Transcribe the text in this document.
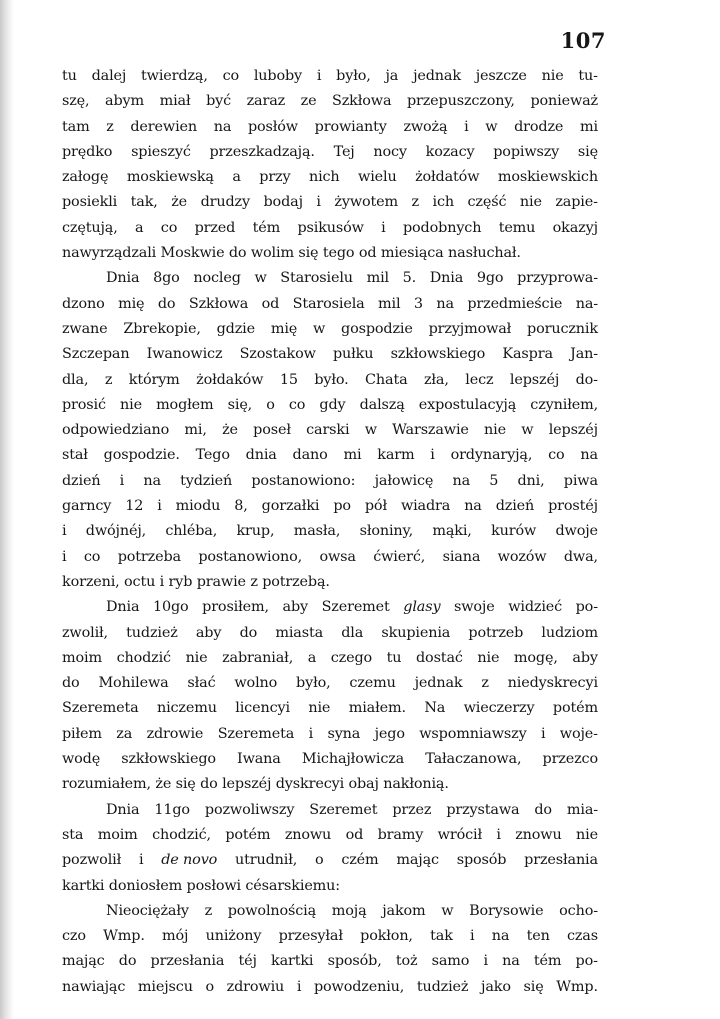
107
tu dalej twierdzą, co luboby i było, ja jednak jeszcze nie tu-
szę, abym miał być zaraz ze Szkłowa przepuszczony, ponieważ
tam z derewien na posłów prowianty zwożą i w drodze mi
prędko spieszyć przeszkadzają. Tej nocy kozacy popiwszy się
załogę moskiewską a przy nich wielu żołdatów moskiewskich
posiekli tak, że drudzy bodaj i żywotem z ich część nie zapie-
czętują, a co przed tém psikusów i podobnych temu okazyj
nawyrządzali Moskwie do wolim się tego od miesiąca nasłuchał.
Dnia 8go nocleg w Starosielu mil 5. Dnia 9go przyprowa-
dzono mię do Szkłowa od Starosiela mil 3 na przedmieście na-
zwane Zbrekopie, gdzie mię w gospodzie przyjmował porucznik
Szczepan Iwanowicz Szostakow pułku szkłowskiego Kaspra Jan-
dla, z którym żołdaków 15 było. Chata zła, lecz lepszéj do-
prosić nie mogłem się, o co gdy dalszą expostulacyją czyniłem,
odpowiedziano mi, że poseł carski w Warszawie nie w lepszéj
stał gospodzie. Tego dnia dano mi karm i ordynaryją, co na
dzień i na tydzień postanowiono: jałowicę na 5 dni, piwa
garncy 12 i miodu 8, gorzałki po pół wiadra na dzień prostéj
i dwójnéj, chléba, krup, masła, słoniny, mąki, kurów dwoje
i co potrzeba postanowiono, owsa ćwierć, siana wozów dwa,
korzeni, octu i ryb prawie z potrzebą.
Dnia 10go prosiłem, aby Szeremet glasy swoje widzieć po-
zwolił, tudzież aby do miasta dla skupienia potrzeb ludziom
moim chodzić nie zabraniał, a czego tu dostać nie mogę, aby
do Mohilewa słać wolno było, czemu jednak z niedyskrecyi
Szeremeta niczemu licencyi nie miałem. Na wieczerzy potém
piłem za zdrowie Szeremeta i syna jego wspomniawszy i woje-
wodę szkłowskiego Iwana Michajłowicza Tałaczanowa, przezco
rozumiałem, że się do lepszéj dyskrecyi obaj nakłonią.
Dnia 11go pozwoliwszy Szeremet przez przystawa do mia-
sta moim chodzić, potém znowu od bramy wrócił i znowu nie
pozwolił i de novo utrudnił, o czém mając sposób przesłania
kartki doniosłem posłowi césarskiemu:
Nieociężały z powolnością moją jakom w Borysowie ocho-
czo Wmp. mój uniżony przesyłał pokłon, tak i na ten czas
mając do przesłania téj kartki sposób, toż samo i na tém po-
nawiając miejscu o zdrowiu i powodzeniu, tudzież jako się Wmp.
